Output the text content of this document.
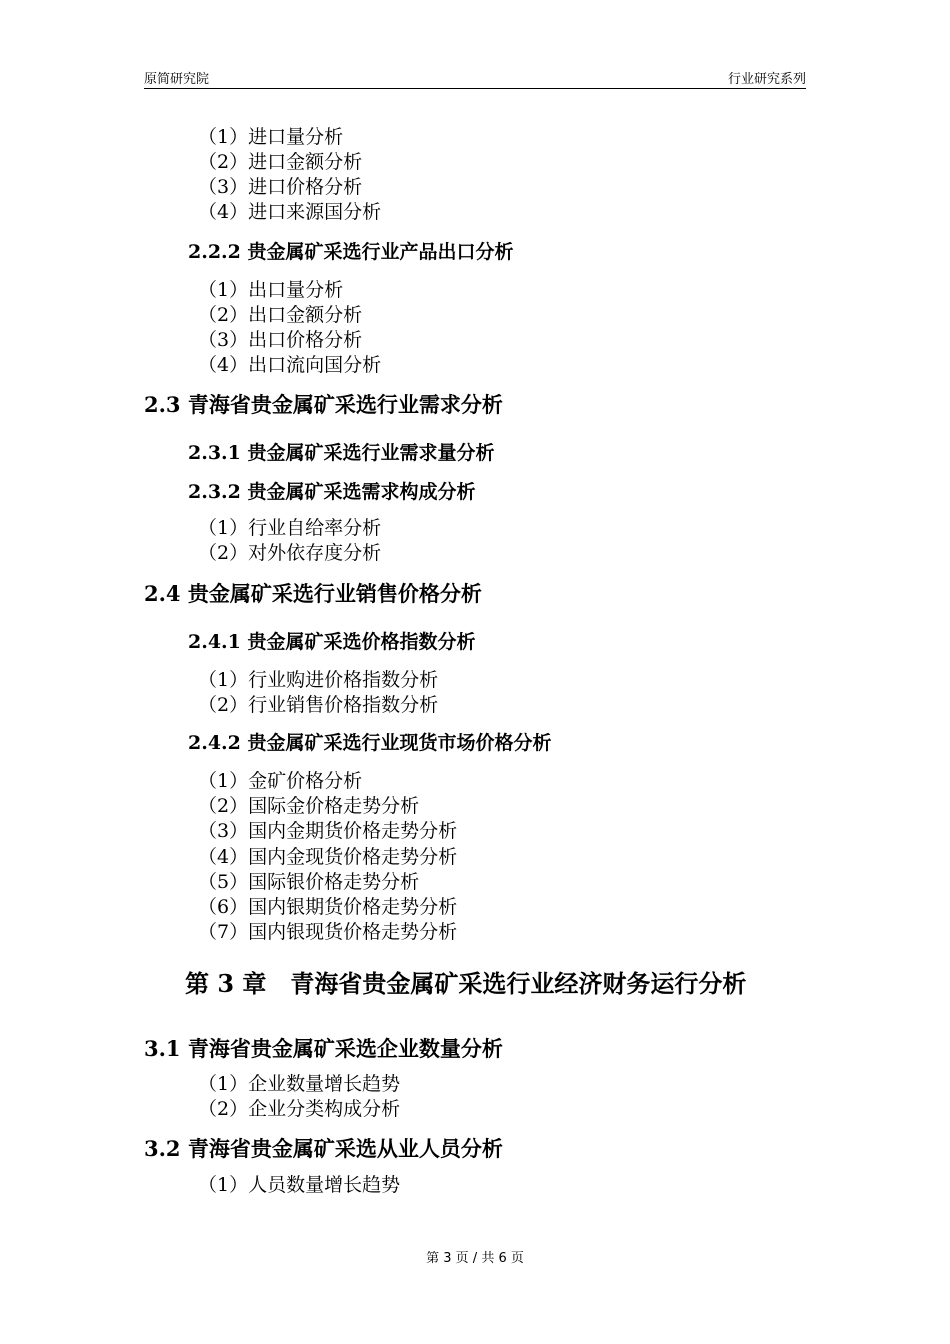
原简研究院	行业研究系列
（1）进口量分析
（2）进口金额分析
（3）进口价格分析
（4）进口来源国分析
2.2.2 贵金属矿采选行业产品出口分析
（1）出口量分析
（2）出口金额分析
（3）出口价格分析
（4）出口流向国分析
2.3 青海省贵金属矿采选行业需求分析
2.3.1 贵金属矿采选行业需求量分析
2.3.2 贵金属矿采选需求构成分析
（1）行业自给率分析
（2）对外依存度分析
2.4 贵金属矿采选行业销售价格分析
2.4.1 贵金属矿采选价格指数分析
（1）行业购进价格指数分析
（2）行业销售价格指数分析
2.4.2 贵金属矿采选行业现货市场价格分析
（1）金矿价格分析
（2）国际金价格走势分析
（3）国内金期货价格走势分析
（4）国内金现货价格走势分析
（5）国际银价格走势分析
（6）国内银期货价格走势分析
（7）国内银现货价格走势分析
第 3 章　青海省贵金属矿采选行业经济财务运行分析
3.1 青海省贵金属矿采选企业数量分析
（1）企业数量增长趋势
（2）企业分类构成分析
3.2 青海省贵金属矿采选从业人员分析
（1）人员数量增长趋势
第 3 页 / 共 6 页
